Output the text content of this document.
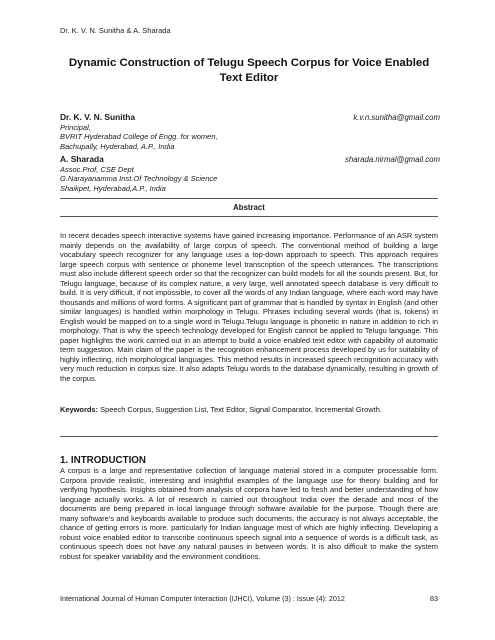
Dr. K. V. N. Sunitha & A. Sharada
Dynamic Construction of Telugu Speech Corpus for Voice Enabled Text Editor
Dr. K. V. N. Sunitha	k.v.n.sunitha@gmail.com
Principal,
BVRIT Hyderabad College of Engg. for women,
Bachupally, Hyderabad, A.P., India
A. Sharada	sharada.nirmal@gmail.com
Assoc.Prof, CSE Dept
G.Narayanamma Inst.Of Technology & Science
Shaikpet, Hyderabad,A.P., India
Abstract

In recent decades speech interactive systems have gained increasing importance. Performance of an ASR system mainly depends on the availability of large corpus of speech. The conventional method of building a large vocabulary speech recognizer for any language uses a top-down approach to speech. This approach requires large speech corpus with sentence or phoneme level transcription of the speech utterances. The transcriptions must also include different speech order so that the recognizer can build models for all the sounds present. But, for Telugu language, because of its complex nature, a very large, well annotated speech database is very difficult to build. It is very difficult, if not impossible, to cover all the words of any Indian language, where each word may have thousands and millions of word forms. A significant part of grammar that is handled by syntax in English (and other similar languages) is handled within morphology in Telugu. Phrases including several words (that is, tokens) in English would be mapped on to a single word in Telugu.Telugu language is phonetic in nature in addition to rich in morphology. That is why the speech technology developed for English cannot be applied to Telugu language. This paper highlights the work carried out in an attempt to build a voice enabled text editor with capability of automatic term suggestion. Main claim of the paper is the recognition enhancement process developed by us for suitability of highly inflecting, rich morphological languages. This method results in increased speech recognition accuracy with very much reduction in corpus size. It also adapts Telugu words to the database dynamically, resulting in growth of the corpus.

Keywords: Speech Corpus, Suggestion List, Text Editor, Signal Comparator, Incremental Growth.

1. INTRODUCTION

A corpus is a large and representative collection of language material stored in a computer processable form. Corpora provide realistic, interesting and insightful examples of the language use for theory building and for verifying hypothesis. Insights obtained from analysis of corpora have led to fresh and better understanding of how language actually works. A lot of research is carried out throughout India over the decade and most of the documents are being prepared in local language through software available for the purpose. Though there are many software’s and keyboards available to produce such documents, the accuracy is not always acceptable, the chance of getting errors is more. particularly for Indian language most of which are highly inflecting. Developing a robust voice enabled editor to transcribe continuous speech signal into a sequence of words is a difficult task, as continuous speech does not have any natural pauses in between words. It is also difficult to make the system robust for speaker variability and the environment conditions.

International Journal of Human Computer Interaction (IJHCI), Volume (3) : Issue (4): 2012	83
